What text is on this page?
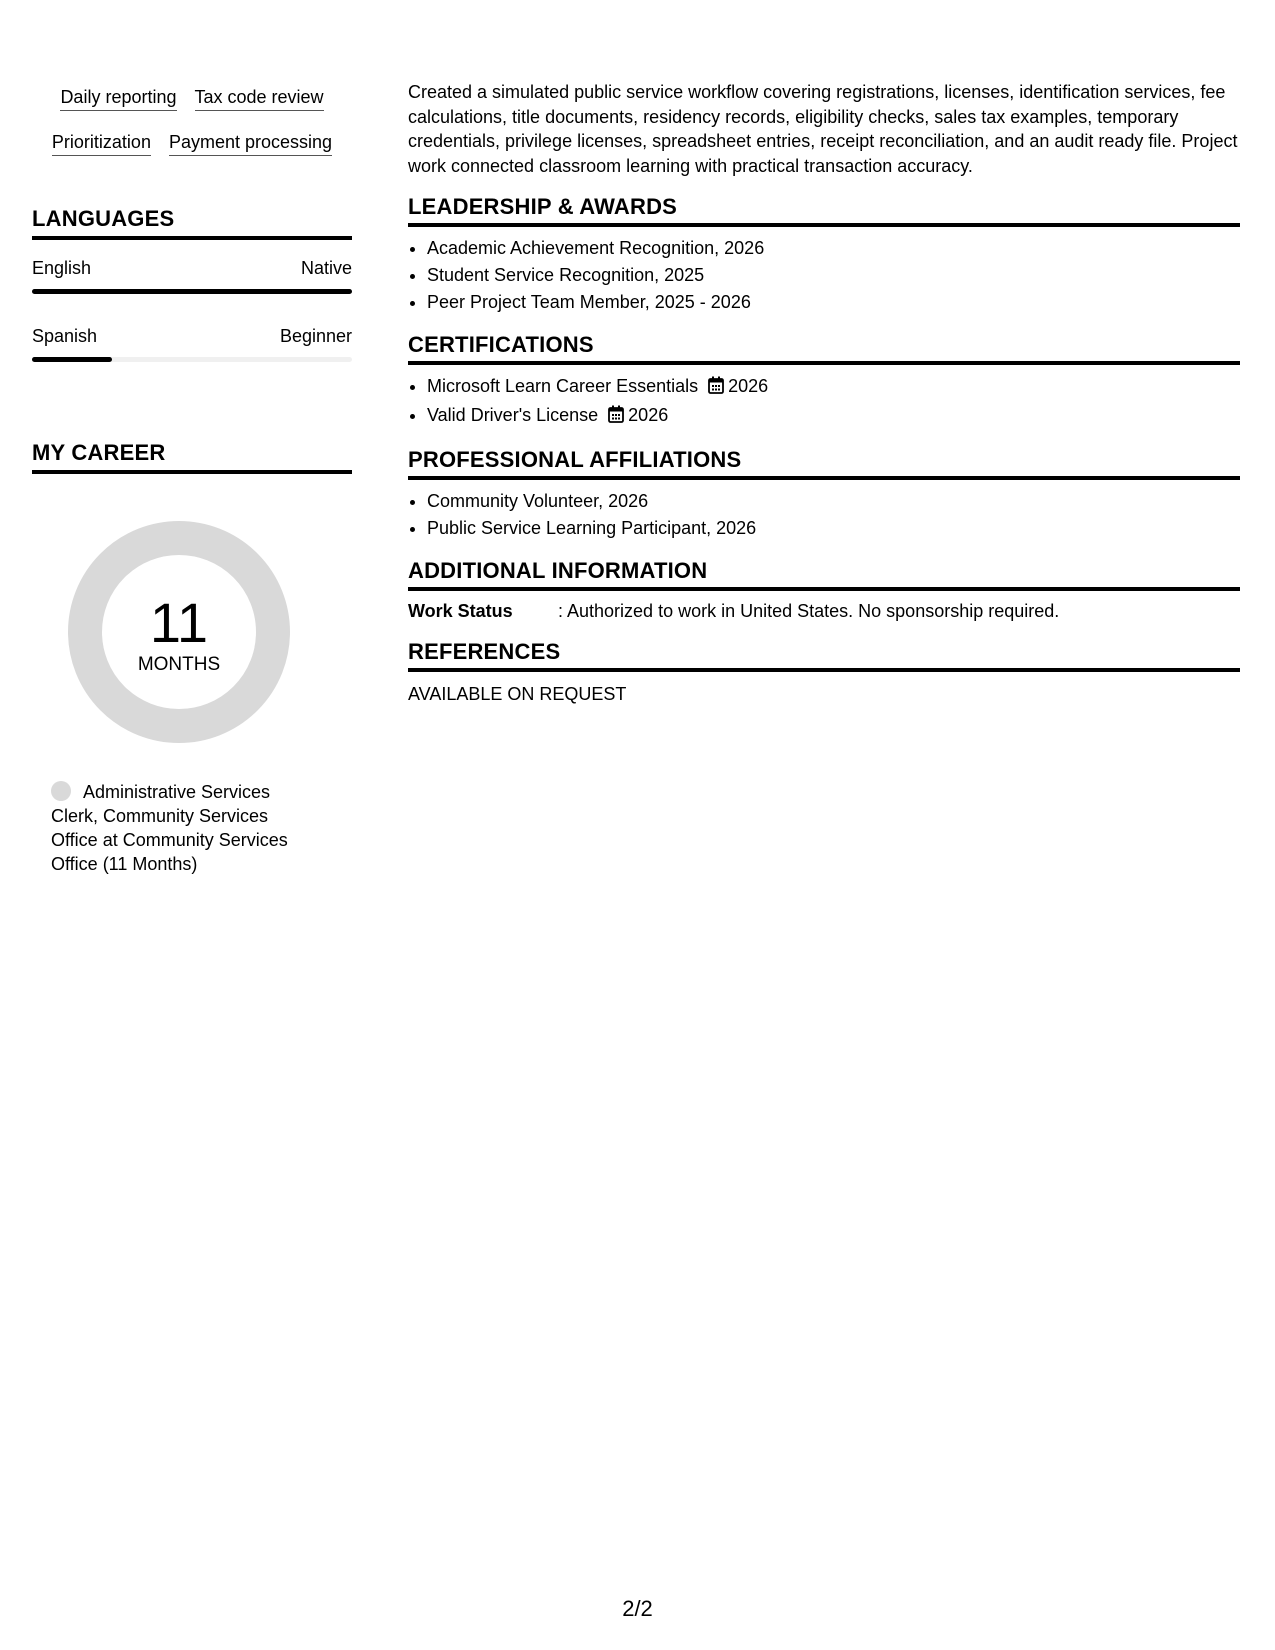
Daily reporting Tax code review
Prioritization Payment processing
LANGUAGES
English	Native
Spanish	Beginner
MY CAREER
11
MONTHS
Administrative Services Clerk, Community Services Office at Community Services Office (11 Months)

Created a simulated public service workflow covering registrations, licenses, identification services, fee calculations, title documents, residency records, eligibility checks, sales tax examples, temporary credentials, privilege licenses, spreadsheet entries, receipt reconciliation, and an audit ready file. Project work connected classroom learning with practical transaction accuracy.

LEADERSHIP & AWARDS
• Academic Achievement Recognition, 2026
• Student Service Recognition, 2025
• Peer Project Team Member, 2025 - 2026
CERTIFICATIONS
• Microsoft Learn Career Essentials 2026
• Valid Driver's License 2026
PROFESSIONAL AFFILIATIONS
• Community Volunteer, 2026
• Public Service Learning Participant, 2026
ADDITIONAL INFORMATION
Work Status	: Authorized to work in United States. No sponsorship required.
REFERENCES
AVAILABLE ON REQUEST
2/2
